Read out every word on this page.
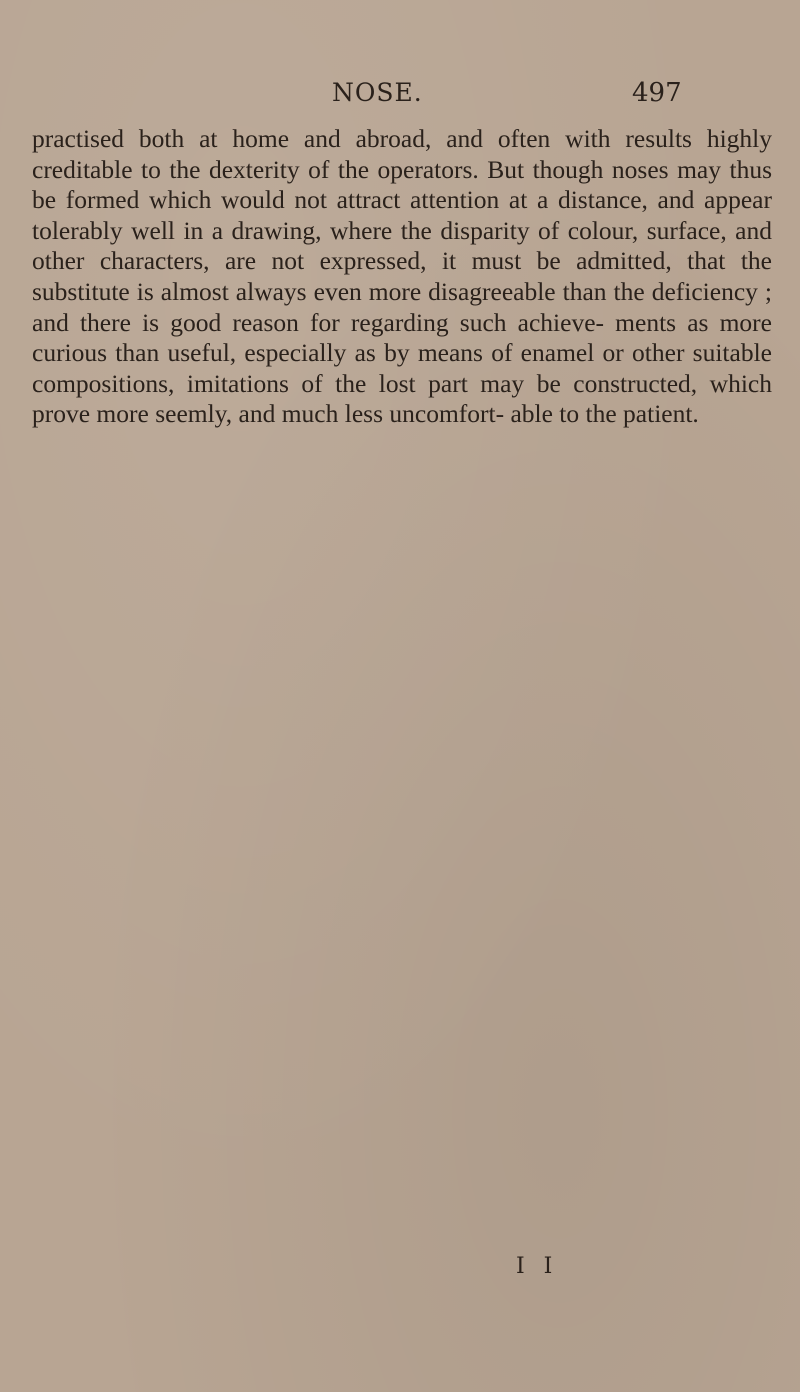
NOSE.	497

practised both at home and abroad, and often with results highly creditable to the dexterity of the operators. But though noses may thus be formed which would not attract attention at a distance, and appear tolerably well in a drawing, where the disparity of colour, surface, and other characters, are not expressed, it must be admitted, that the substitute is almost always even more disagreeable than the deficiency ; and there is good reason for regarding such achieve- ments as more curious than useful, especially as by means of enamel or other suitable compositions, imitations of the lost part may be constructed, which prove more seemly, and much less uncomfort- able to the patient.

I I
